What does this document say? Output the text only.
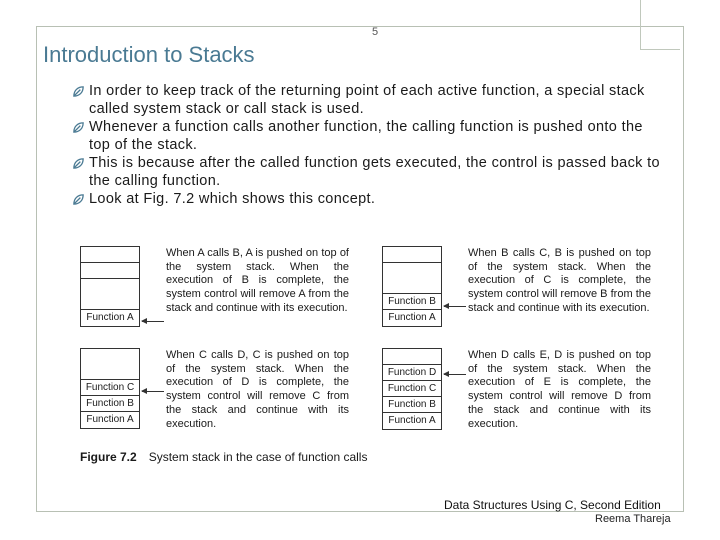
5
Introduction to Stacks
In order to keep track of the returning point of each active function, a special stack called system stack or call stack is used.
Whenever a function calls another function, the calling function is pushed onto the top of the stack.
This is because after the called function gets executed, the control is passed back to the calling function.
Look at Fig. 7.2 which shows this concept.
Function A
When A calls B, A is pushed on top of the system stack. When the execution of B is complete, the system control will remove A from the stack and continue with its execution.
Function B
Function A
When B calls C, B is pushed on top of the system stack. When the execution of C is complete, the system control will remove B from the stack and continue with its execution.
Function C
Function B
Function A
When C calls D, C is pushed on top of the system stack. When the execution of D is complete, the system control will remove C from the stack and continue with its execution.
Function D
Function C
Function B
Function A
When D calls E, D is pushed on top of the system stack. When the execution of E is complete, the system control will remove D from the stack and continue with its execution.
Figure 7.2 System stack in the case of function calls
Data Structures Using C, Second Edition
Reema Thareja
